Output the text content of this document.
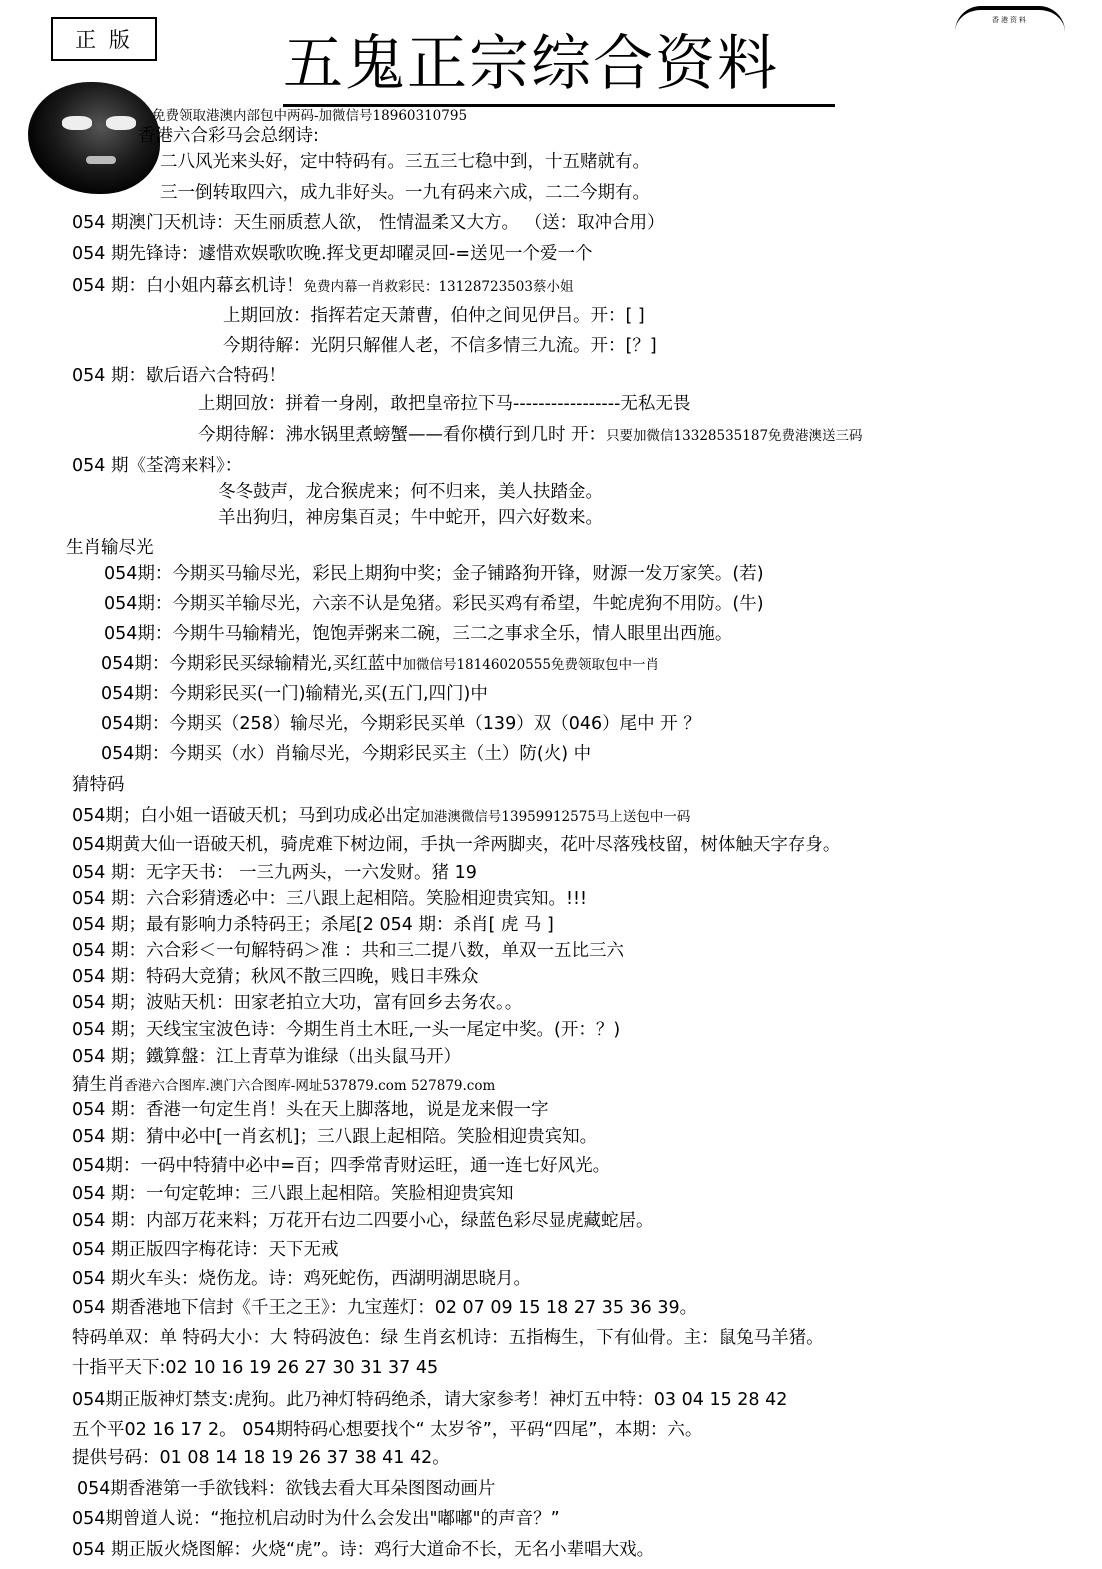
正 版
香港资料
五鬼正宗综合资料
免费领取港澳内部包中两码-加微信号18960310795
香港六合彩马会总纲诗:
二八风光来头好，定中特码有。三五三七稳中到，十五赌就有。
三一倒转取四六，成九非好头。一九有码来六成，二二今期有。
054 期澳门天机诗：天生丽质惹人欲， 性情温柔又大方。 （送：取冲合用）
054 期先锋诗：遽惜欢娱歌吹晚.挥戈更却曜灵回-=送见一个爱一个
054 期：白小姐内幕玄机诗！免费内幕一肖救彩民：13128723503蔡小姐
上期回放：指挥若定天萧曹，伯仲之间见伊吕。开：[ ]
今期待解：光阴只解催人老，不信多情三九流。开：[？]
054 期：歇后语六合特码！
上期回放：拼着一身剐，敢把皇帝拉下马-----------------无私无畏
今期待解：沸水锅里煮螃蟹——看你横行到几时 开：只要加微信13328535187免费港澳送三码
054 期《荃湾来料》：
冬冬鼓声，龙合猴虎来；何不归来，美人扶踏金。
羊出狗归，神房集百灵；牛中蛇开，四六好数来。
生肖输尽光
054期：今期买马输尽光，彩民上期狗中奖；金子铺路狗开锋，财源一发万家笑。(若)
054期：今期买羊输尽光，六亲不认是兔猪。彩民买鸡有希望，牛蛇虎狗不用防。(牛)
054期：今期牛马输精光，饱饱弄粥来二碗，三二之事求全乐，情人眼里出西施。
054期：今期彩民买绿输精光,买红蓝中加微信号18146020555免费领取包中一肖
054期：今期彩民买(一门)输精光,买(五门,四门)中
054期：今期买（258）输尽光，今期彩民买单（139）双（046）尾中 开 ？
054期：今期买（水）肖输尽光，今期彩民买主（土）防(火) 中
猜特码
054期；白小姐一语破天机；马到功成必出定加港澳微信号13959912575马上送包中一码
054期黄大仙一语破天机，骑虎难下树边闹，手执一斧两脚夹，花叶尽落残枝留，树体触天字存身。
054 期：无字天书： 一三九两头，一六发财。猪 19
054 期：六合彩猜透必中：三八跟上起相陪。笑脸相迎贵宾知。!!!
054 期；最有影响力杀特码王；杀尾[2 054 期：杀肖[ 虎 马 ]
054 期：六合彩＜一句解特码＞准 ：共和三二提八数，单双一五比三六
054 期：特码大竞猜；秋风不散三四晚，贱日丰殊众
054 期；波贴天机：田家老拍立大功，富有回乡去务农。。
054 期；天线宝宝波色诗：今期生肖土木旺,一头一尾定中奖。(开：？)
054 期；鐵算盤：江上青草为谁绿（出头鼠马开）
猜生肖香港六合图库.澳门六合图库-网址537879.com 527879.com
054 期：香港一句定生肖！头在天上脚落地，说是龙来假一字
054 期：猜中必中[一肖玄机]；三八跟上起相陪。笑脸相迎贵宾知。
054期：一码中特猜中必中=百；四季常青财运旺，通一连七好风光。
054 期：一句定乾坤：三八跟上起相陪。笑脸相迎贵宾知
054 期：内部万花来料；万花开右边二四要小心，绿蓝色彩尽显虎藏蛇居。
054 期正版四字梅花诗：天下无戒
054 期火车头：烧伤龙。诗：鸡死蛇伤，西湖明湖思晓月。
054 期香港地下信封《千王之王》：九宝莲灯：02 07 09 15 18 27 35 36 39。
特码单双：单 特码大小：大 特码波色：绿 生肖玄机诗：五指梅生，下有仙骨。主：鼠兔马羊猪。
十指平天下:02 10 16 19 26 27 30 31 37 45
054期正版神灯禁支:虎狗。此乃神灯特码绝杀，请大家参考！神灯五中特：03 04 15 28 42
五个平02 16 17 2。 054期特码心想要找个“ 太岁爷”，平码“四尾”，本期：六。
提供号码：01 08 14 18 19 26 37 38 41 42。
054期香港第一手欲钱料：欲钱去看大耳朵图图动画片
054期曾道人说：“拖拉机启动时为什么会发出"嘟嘟"的声音？”
054 期正版火烧图解：火烧“虎”。诗：鸡行大道命不长，无名小辈唱大戏。
